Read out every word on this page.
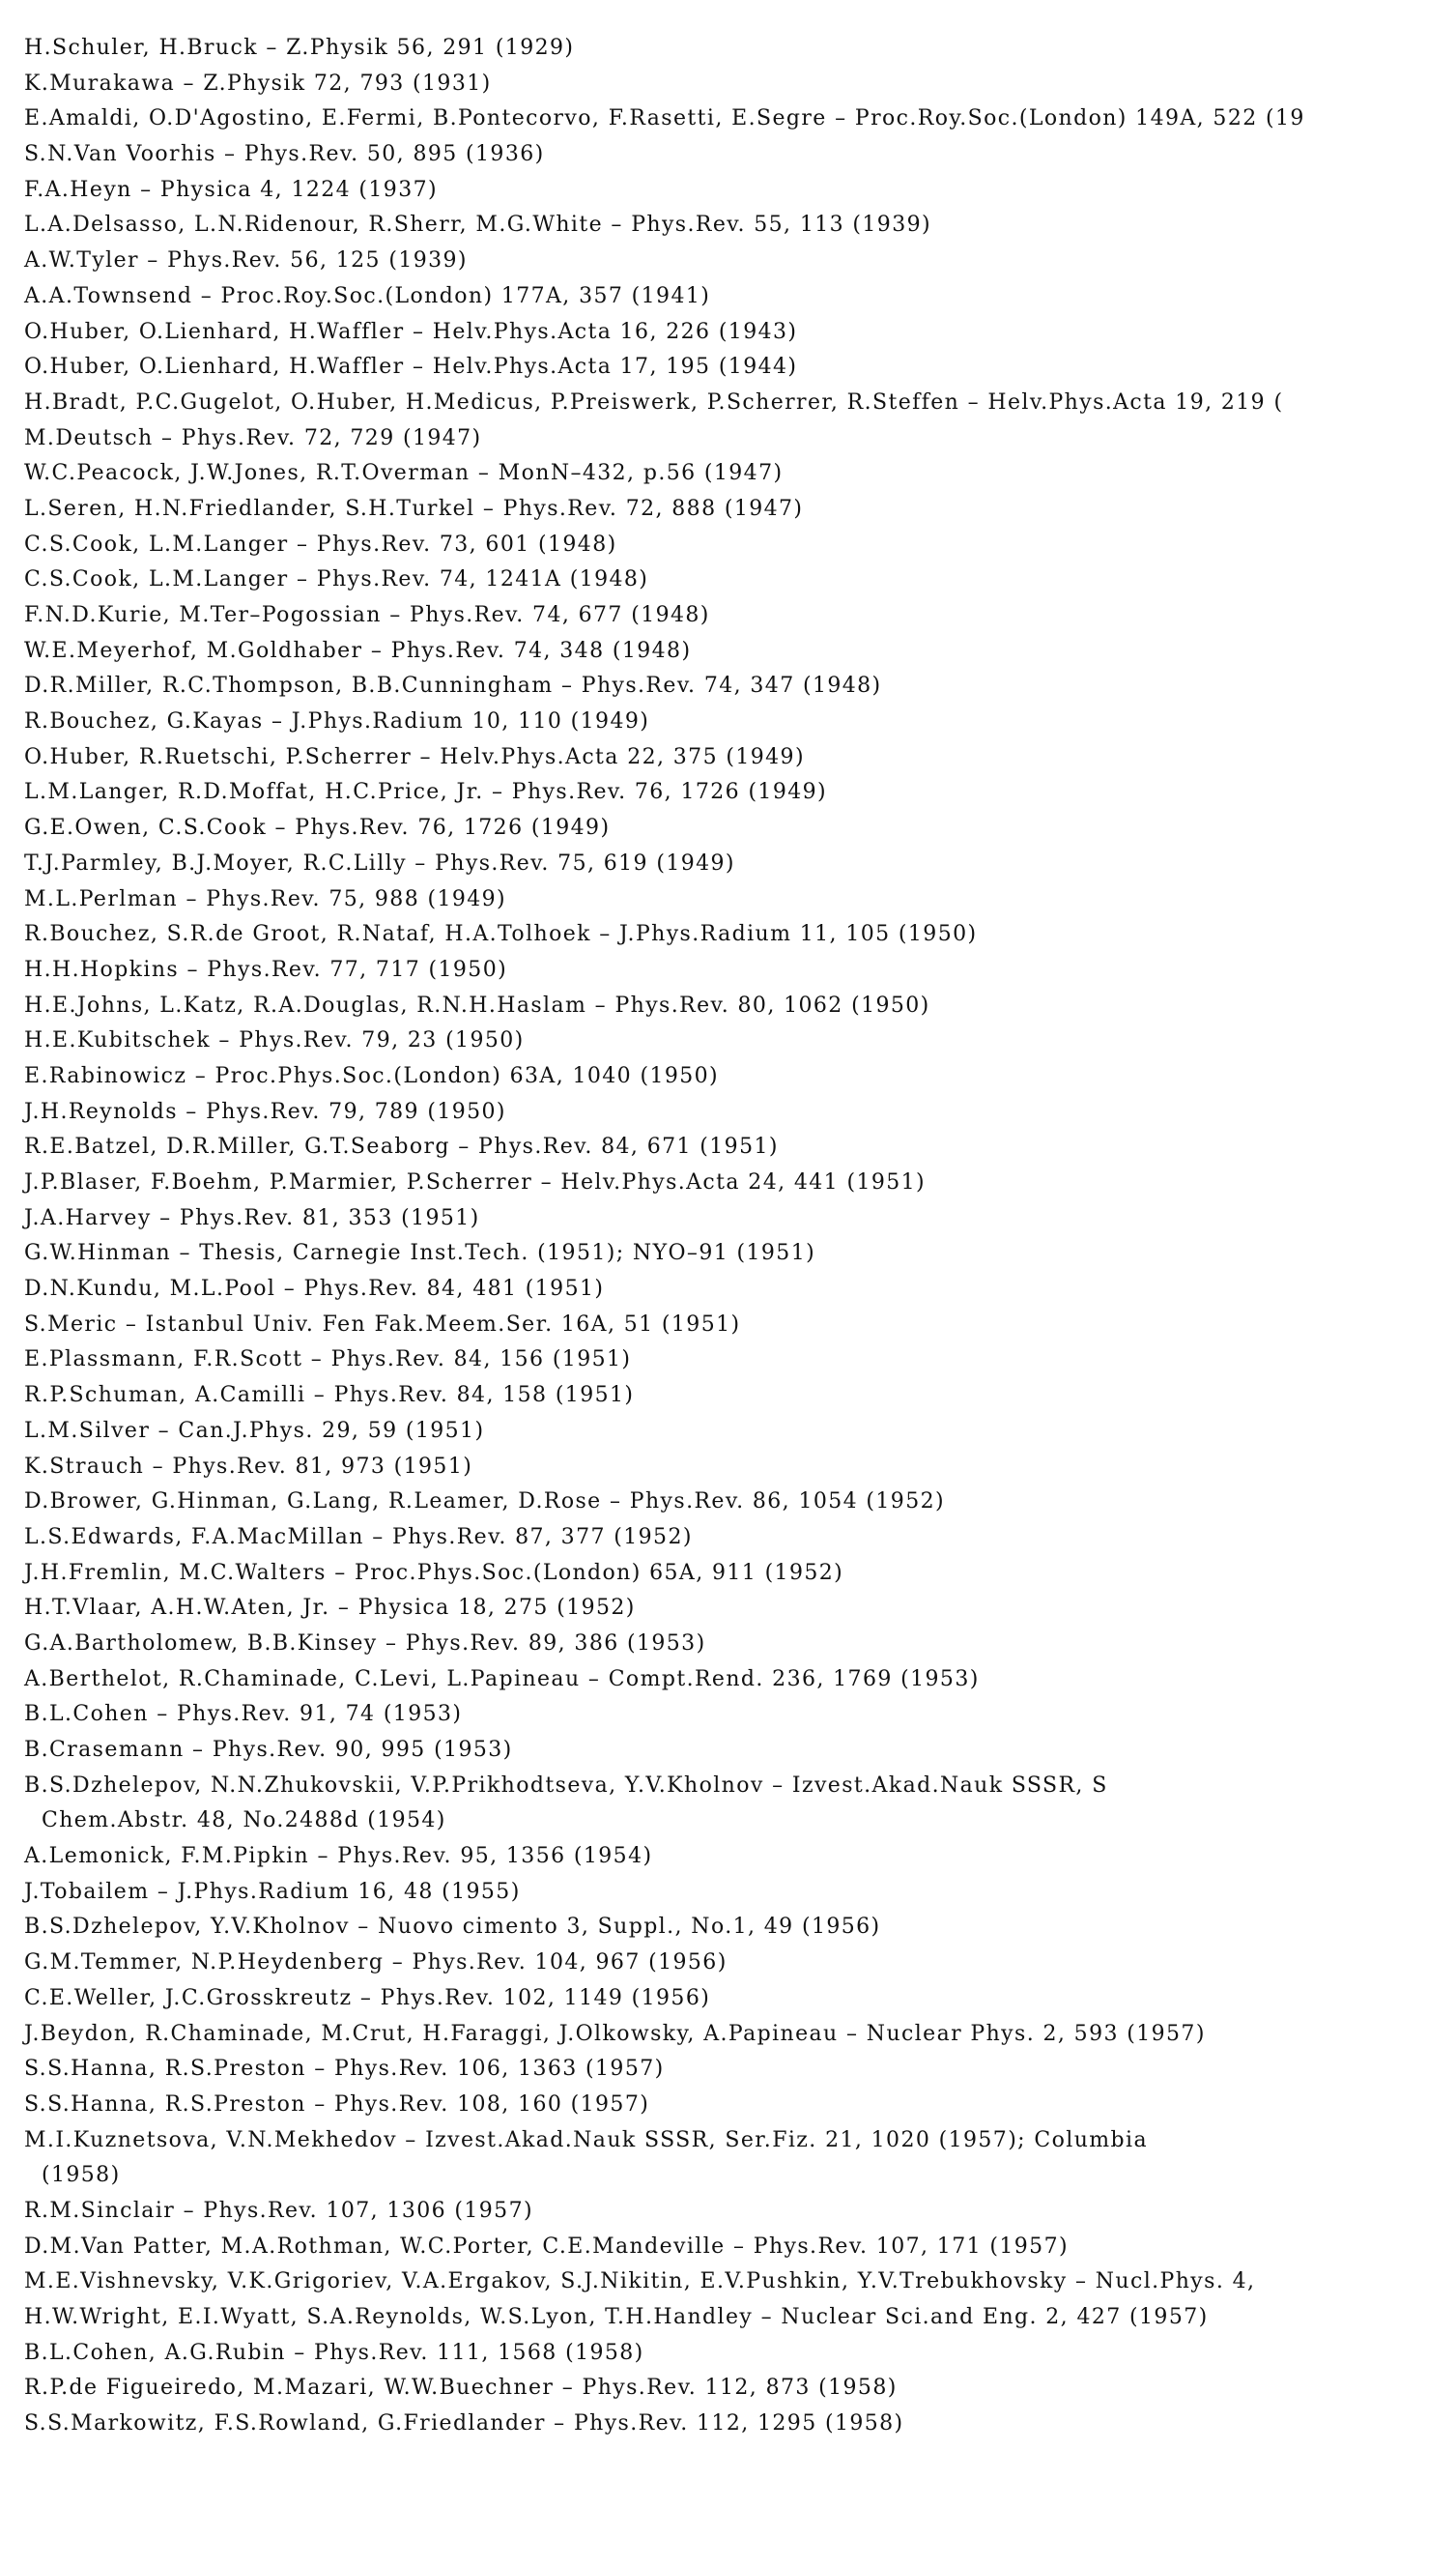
H.Schuler, H.Bruck – Z.Physik 56, 291 (1929)
K.Murakawa – Z.Physik 72, 793 (1931)
E.Amaldi, O.D'Agostino, E.Fermi, B.Pontecorvo, F.Rasetti, E.Segre – Proc.Roy.Soc.(London) 149A, 522 (19
S.N.Van Voorhis – Phys.Rev. 50, 895 (1936)
F.A.Heyn – Physica 4, 1224 (1937)
L.A.Delsasso, L.N.Ridenour, R.Sherr, M.G.White – Phys.Rev. 55, 113 (1939)
A.W.Tyler – Phys.Rev. 56, 125 (1939)
A.A.Townsend – Proc.Roy.Soc.(London) 177A, 357 (1941)
O.Huber, O.Lienhard, H.Waffler – Helv.Phys.Acta 16, 226 (1943)
O.Huber, O.Lienhard, H.Waffler – Helv.Phys.Acta 17, 195 (1944)
H.Bradt, P.C.Gugelot, O.Huber, H.Medicus, P.Preiswerk, P.Scherrer, R.Steffen – Helv.Phys.Acta 19, 219 (
M.Deutsch – Phys.Rev. 72, 729 (1947)
W.C.Peacock, J.W.Jones, R.T.Overman – MonN–432, p.56 (1947)
L.Seren, H.N.Friedlander, S.H.Turkel – Phys.Rev. 72, 888 (1947)
C.S.Cook, L.M.Langer – Phys.Rev. 73, 601 (1948)
C.S.Cook, L.M.Langer – Phys.Rev. 74, 1241A (1948)
F.N.D.Kurie, M.Ter–Pogossian – Phys.Rev. 74, 677 (1948)
W.E.Meyerhof, M.Goldhaber – Phys.Rev. 74, 348 (1948)
D.R.Miller, R.C.Thompson, B.B.Cunningham – Phys.Rev. 74, 347 (1948)
R.Bouchez, G.Kayas – J.Phys.Radium 10, 110 (1949)
O.Huber, R.Ruetschi, P.Scherrer – Helv.Phys.Acta 22, 375 (1949)
L.M.Langer, R.D.Moffat, H.C.Price, Jr. – Phys.Rev. 76, 1726 (1949)
G.E.Owen, C.S.Cook – Phys.Rev. 76, 1726 (1949)
T.J.Parmley, B.J.Moyer, R.C.Lilly – Phys.Rev. 75, 619 (1949)
M.L.Perlman – Phys.Rev. 75, 988 (1949)
R.Bouchez, S.R.de Groot, R.Nataf, H.A.Tolhoek – J.Phys.Radium 11, 105 (1950)
H.H.Hopkins – Phys.Rev. 77, 717 (1950)
H.E.Johns, L.Katz, R.A.Douglas, R.N.H.Haslam – Phys.Rev. 80, 1062 (1950)
H.E.Kubitschek – Phys.Rev. 79, 23 (1950)
E.Rabinowicz – Proc.Phys.Soc.(London) 63A, 1040 (1950)
J.H.Reynolds – Phys.Rev. 79, 789 (1950)
R.E.Batzel, D.R.Miller, G.T.Seaborg – Phys.Rev. 84, 671 (1951)
J.P.Blaser, F.Boehm, P.Marmier, P.Scherrer – Helv.Phys.Acta 24, 441 (1951)
J.A.Harvey – Phys.Rev. 81, 353 (1951)
G.W.Hinman – Thesis, Carnegie Inst.Tech. (1951); NYO–91 (1951)
D.N.Kundu, M.L.Pool – Phys.Rev. 84, 481 (1951)
S.Meric – Istanbul Univ. Fen Fak.Meem.Ser. 16A, 51 (1951)
E.Plassmann, F.R.Scott – Phys.Rev. 84, 156 (1951)
R.P.Schuman, A.Camilli – Phys.Rev. 84, 158 (1951)
L.M.Silver – Can.J.Phys. 29, 59 (1951)
K.Strauch – Phys.Rev. 81, 973 (1951)
D.Brower, G.Hinman, G.Lang, R.Leamer, D.Rose – Phys.Rev. 86, 1054 (1952)
L.S.Edwards, F.A.MacMillan – Phys.Rev. 87, 377 (1952)
J.H.Fremlin, M.C.Walters – Proc.Phys.Soc.(London) 65A, 911 (1952)
H.T.Vlaar, A.H.W.Aten, Jr. – Physica 18, 275 (1952)
G.A.Bartholomew, B.B.Kinsey – Phys.Rev. 89, 386 (1953)
A.Berthelot, R.Chaminade, C.Levi, L.Papineau – Compt.Rend. 236, 1769 (1953)
B.L.Cohen – Phys.Rev. 91, 74 (1953)
B.Crasemann – Phys.Rev. 90, 995 (1953)
B.S.Dzhelepov, N.N.Zhukovskii, V.P.Prikhodtseva, Y.V.Kholnov – Izvest.Akad.Nauk SSSR, S
Chem.Abstr. 48, No.2488d (1954)
A.Lemonick, F.M.Pipkin – Phys.Rev. 95, 1356 (1954)
J.Tobailem – J.Phys.Radium 16, 48 (1955)
B.S.Dzhelepov, Y.V.Kholnov – Nuovo cimento 3, Suppl., No.1, 49 (1956)
G.M.Temmer, N.P.Heydenberg – Phys.Rev. 104, 967 (1956)
C.E.Weller, J.C.Grosskreutz – Phys.Rev. 102, 1149 (1956)
J.Beydon, R.Chaminade, M.Crut, H.Faraggi, J.Olkowsky, A.Papineau – Nuclear Phys. 2, 593 (1957)
S.S.Hanna, R.S.Preston – Phys.Rev. 106, 1363 (1957)
S.S.Hanna, R.S.Preston – Phys.Rev. 108, 160 (1957)
M.I.Kuznetsova, V.N.Mekhedov – Izvest.Akad.Nauk SSSR, Ser.Fiz. 21, 1020 (1957); Columbia
(1958)
R.M.Sinclair – Phys.Rev. 107, 1306 (1957)
D.M.Van Patter, M.A.Rothman, W.C.Porter, C.E.Mandeville – Phys.Rev. 107, 171 (1957)
M.E.Vishnevsky, V.K.Grigoriev, V.A.Ergakov, S.J.Nikitin, E.V.Pushkin, Y.V.Trebukhovsky – Nucl.Phys. 4,
H.W.Wright, E.I.Wyatt, S.A.Reynolds, W.S.Lyon, T.H.Handley – Nuclear Sci.and Eng. 2, 427 (1957)
B.L.Cohen, A.G.Rubin – Phys.Rev. 111, 1568 (1958)
R.P.de Figueiredo, M.Mazari, W.W.Buechner – Phys.Rev. 112, 873 (1958)
S.S.Markowitz, F.S.Rowland, G.Friedlander – Phys.Rev. 112, 1295 (1958)
